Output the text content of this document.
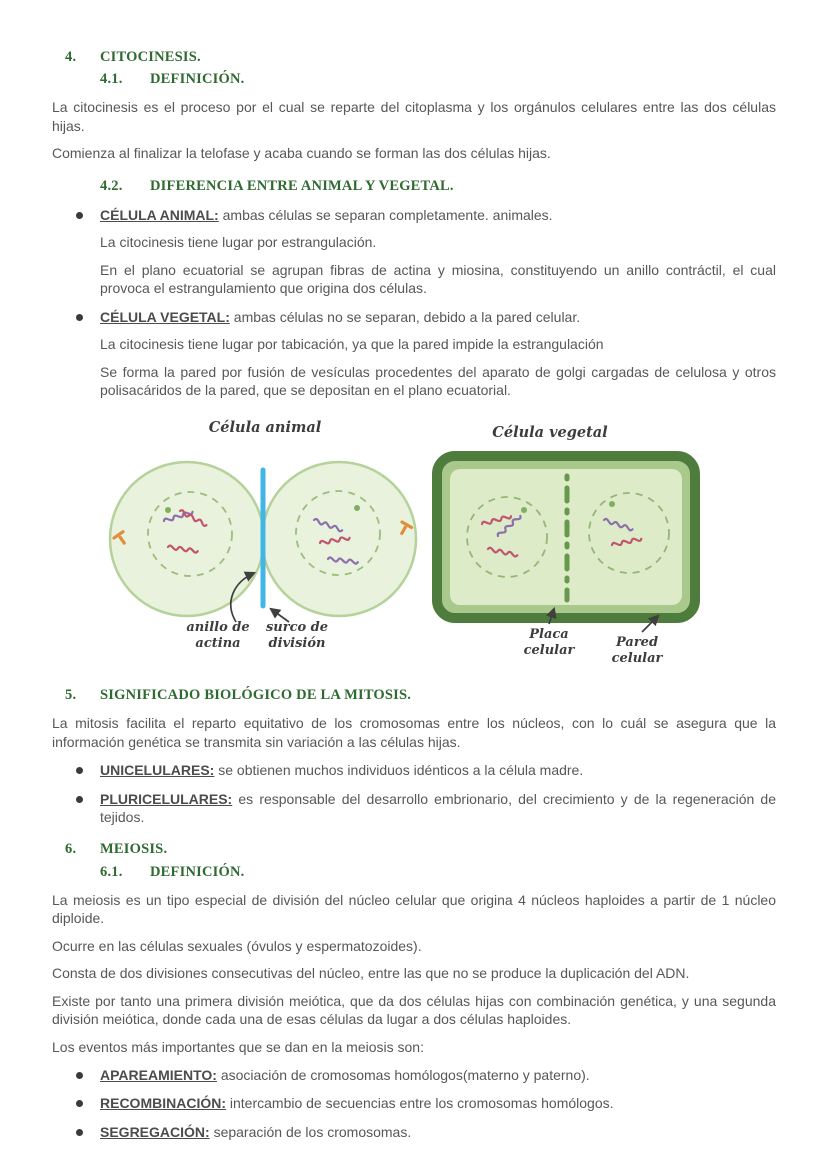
4.	CITOCINESIS.
4.1.	DEFINICIÓN.

La citocinesis es el proceso por el cual se reparte del citoplasma y los orgánulos celulares entre las dos células hijas.

Comienza al finalizar la telofase y acaba cuando se forman las dos células hijas.

4.2.	DIFERENCIA ENTRE ANIMAL Y VEGETAL.

CÉLULA ANIMAL: ambas células se separan completamente. animales.

La citocinesis tiene lugar por estrangulación.

En el plano ecuatorial se agrupan fibras de actina y miosina, constituyendo un anillo contráctil, el cual provoca el estrangulamiento que origina dos células.

CÉLULA VEGETAL: ambas células no se separan, debido a la pared celular.

La citocinesis tiene lugar por tabicación, ya que la pared impide la estrangulación

Se forma la pared por fusión de vesículas procedentes del aparato de golgi cargadas de celulosa y otros polisacáridos de la pared, que se depositan en el plano ecuatorial.

Célula animal	Célula vegetal
anillo de
actina
surco de
división
Placa
celular
Pared
celular
5.	SIGNIFICADO BIOLÓGICO DE LA MITOSIS.

La mitosis facilita el reparto equitativo de los cromosomas entre los núcleos, con lo cuál se asegura que la información genética se transmita sin variación a las células hijas.

UNICELULARES: se obtienen muchos individuos idénticos a la célula madre.

PLURICELULARES: es responsable del desarrollo embrionario, del crecimiento y de la regeneración de tejidos.

6.	MEIOSIS.
6.1.	DEFINICIÓN.

La meiosis es un tipo especial de división del núcleo celular que origina 4 núcleos haploides a partir de 1 núcleo diploide.

Ocurre en las células sexuales (óvulos y espermatozoides).

Consta de dos divisiones consecutivas del núcleo, entre las que no se produce la duplicación del ADN.

Existe por tanto una primera división meiótica, que da dos células hijas con combinación genética, y una segunda división meiótica, donde cada una de esas células da lugar a dos células haploides.

Los eventos más importantes que se dan en la meiosis son:

APAREAMIENTO: asociación de cromosomas homólogos(materno y paterno).

RECOMBINACIÓN: intercambio de secuencias entre los cromosomas homólogos.

SEGREGACIÓN: separación de los cromosomas.
